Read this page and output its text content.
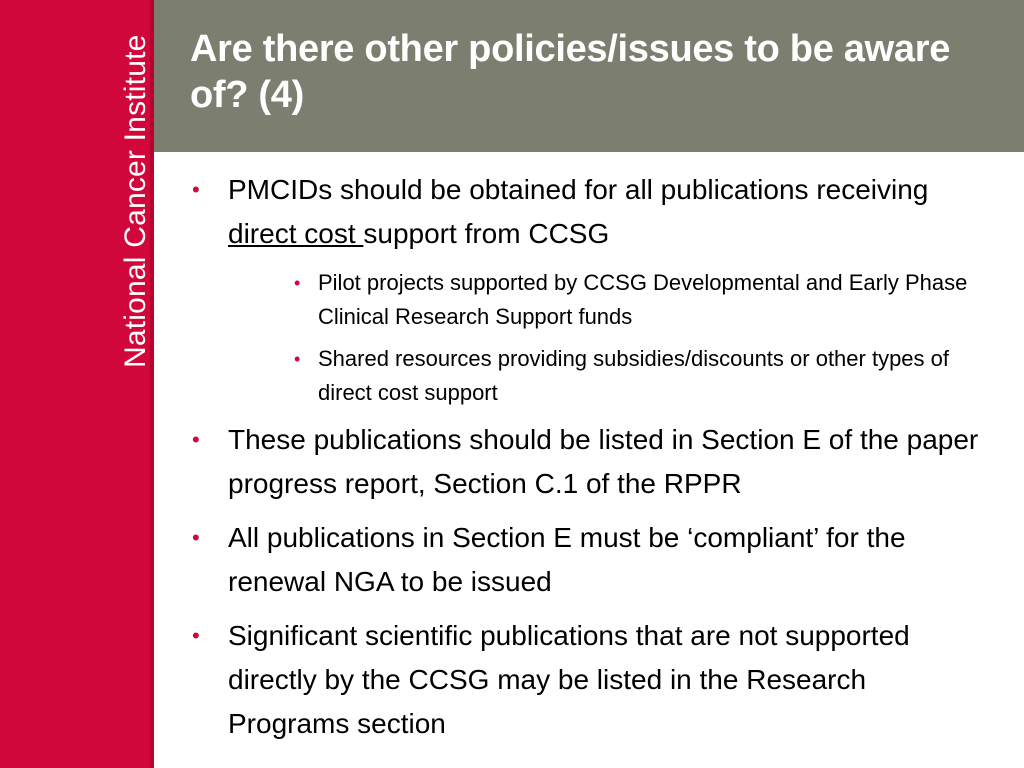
National Cancer Institute Are there other policies/issues to be aware of? (4)
• PMCIDs should be obtained for all publications receiving direct cost support from CCSG
• Pilot projects supported by CCSG Developmental and Early Phase Clinical Research Support funds
• Shared resources providing subsidies/discounts or other types of direct cost support
• These publications should be listed in Section E of the paper progress report, Section C.1 of the RPPR
• All publications in Section E must be ‘compliant’ for the renewal NGA to be issued
• Significant scientific publications that are not supported directly by the CCSG may be listed in the Research Programs section
